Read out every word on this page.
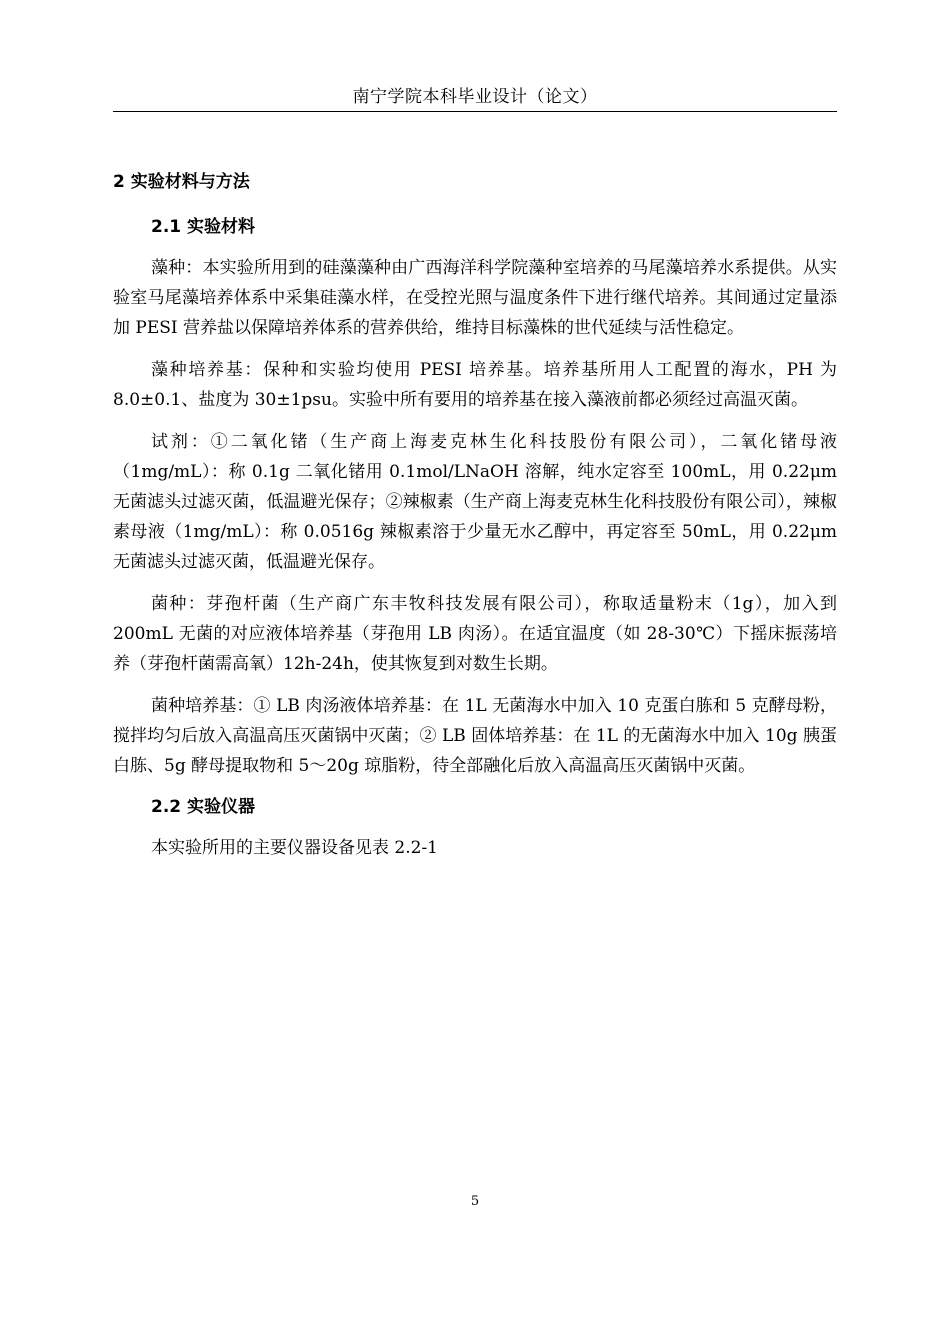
南宁学院本科毕业设计（论文）
2 实验材料与方法
2.1 实验材料

藻种：本实验所用到的硅藻藻种由广西海洋科学院藻种室培养的马尾藻培养水系提供。从实验室马尾藻培养体系中采集硅藻水样，在受控光照与温度条件下进行继代培养。其间通过定量添加 PESI 营养盐以保障培养体系的营养供给，维持目标藻株的世代延续与活性稳定。

藻种培养基：保种和实验均使用 PESI 培养基。培养基所用人工配置的海水，PH 为 8.0±0.1、盐度为 30±1psu。实验中所有要用的培养基在接入藻液前都必须经过高温灭菌。

试剂：①二氧化锗（生产商上海麦克林生化科技股份有限公司），二氧化锗母液（1mg/mL）：称 0.1g 二氧化锗用 0.1mol/LNaOH 溶解，纯水定容至 100mL，用 0.22μm 无菌滤头过滤灭菌，低温避光保存；②辣椒素（生产商上海麦克林生化科技股份有限公司），辣椒素母液（1mg/mL）：称 0.0516g 辣椒素溶于少量无水乙醇中，再定容至 50mL，用 0.22μm 无菌滤头过滤灭菌，低温避光保存。

菌种：芽孢杆菌（生产商广东丰牧科技发展有限公司），称取适量粉末（1g），加入到 200mL 无菌的对应液体培养基（芽孢用 LB 肉汤）。在适宜温度（如 28-30℃）下摇床振荡培养（芽孢杆菌需高氧）12h-24h，使其恢复到对数生长期。

菌种培养基：① LB 肉汤液体培养基：在 1L 无菌海水中加入 10 克蛋白胨和 5 克酵母粉，搅拌均匀后放入高温高压灭菌锅中灭菌；② LB 固体培养基：在 1L 的无菌海水中加入 10g 胰蛋白胨、5g 酵母提取物和 5～20g 琼脂粉，待全部融化后放入高温高压灭菌锅中灭菌。

2.2 实验仪器

本实验所用的主要仪器设备见表 2.2-1

5
